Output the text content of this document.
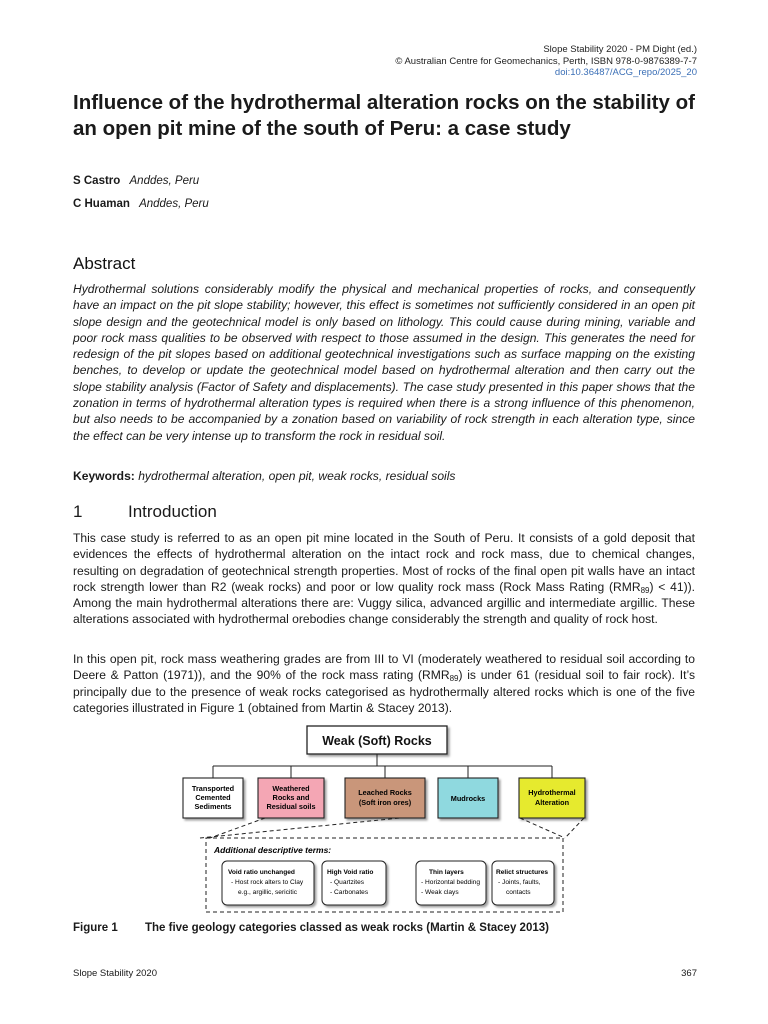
Slope Stability 2020 - PM Dight (ed.)
© Australian Centre for Geomechanics, Perth, ISBN 978-0-9876389-7-7
doi:10.36487/ACG_repo/2025_20
Influence of the hydrothermal alteration rocks on the stability of an open pit mine of the south of Peru: a case study
S Castro Anddes, Peru
C Huaman Anddes, Peru
Abstract

Hydrothermal solutions considerably modify the physical and mechanical properties of rocks, and consequently have an impact on the pit slope stability; however, this effect is sometimes not sufficiently considered in an open pit slope design and the geotechnical model is only based on lithology. This could cause during mining, variable and poor rock mass qualities to be observed with respect to those assumed in the design. This generates the need for redesign of the pit slopes based on additional geotechnical investigations such as surface mapping on the existing benches, to develop or update the geotechnical model based on hydrothermal alteration and then carry out the slope stability analysis (Factor of Safety and displacements). The case study presented in this paper shows that the zonation in terms of hydrothermal alteration types is required when there is a strong influence of this phenomenon, but also needs to be accompanied by a zonation based on variability of rock strength in each alteration type, since the effect can be very intense up to transform the rock in residual soil.

Keywords: hydrothermal alteration, open pit, weak rocks, residual soils
1	Introduction

This case study is referred to as an open pit mine located in the South of Peru. It consists of a gold deposit that evidences the effects of hydrothermal alteration on the intact rock and rock mass, due to chemical changes, resulting on degradation of geotechnical strength properties. Most of rocks of the final open pit walls have an intact rock strength lower than R2 (weak rocks) and poor or low quality rock mass (Rock Mass Rating $(RMR_{89}) < 41$)). Among the main hydrothermal alterations there are: Vuggy silica, advanced argillic and intermediate argillic. These alterations associated with hydrothermal orebodies change considerably the strength and quality of rock host.

In this open pit, rock mass weathering grades are from III to VI (moderately weathered to residual soil according to Deere & Patton (1971)), and the 90% of the rock mass rating $(RMR_{89})$ is under 61 (residual soil to fair rock). It’s principally due to the presence of weak rocks categorised as hydrothermally altered rocks which is one of the five categories illustrated in Figure 1 (obtained from Martin & Stacey 2013).

Weak (Soft) Rocks
Transported
Cemented
Sediments
Weathered
Rocks and
Residual soils
Leached Rocks
(Soft iron ores)	Mudrocks
Hydrothermal
Alteration
Additional descriptive terms:
Void ratio unchanged
- Host rock alters to Clay
e.g., argillic, sericitic
High Void ratio
- Quartzites
- Carbonates
Thin layers
- Horizontal bedding
- Weak clays
Relict structures
- Joints, faults,
contacts
Figure 1 The five geology categories classed as weak rocks (Martin & Stacey 2013)
Slope Stability 2020	367
